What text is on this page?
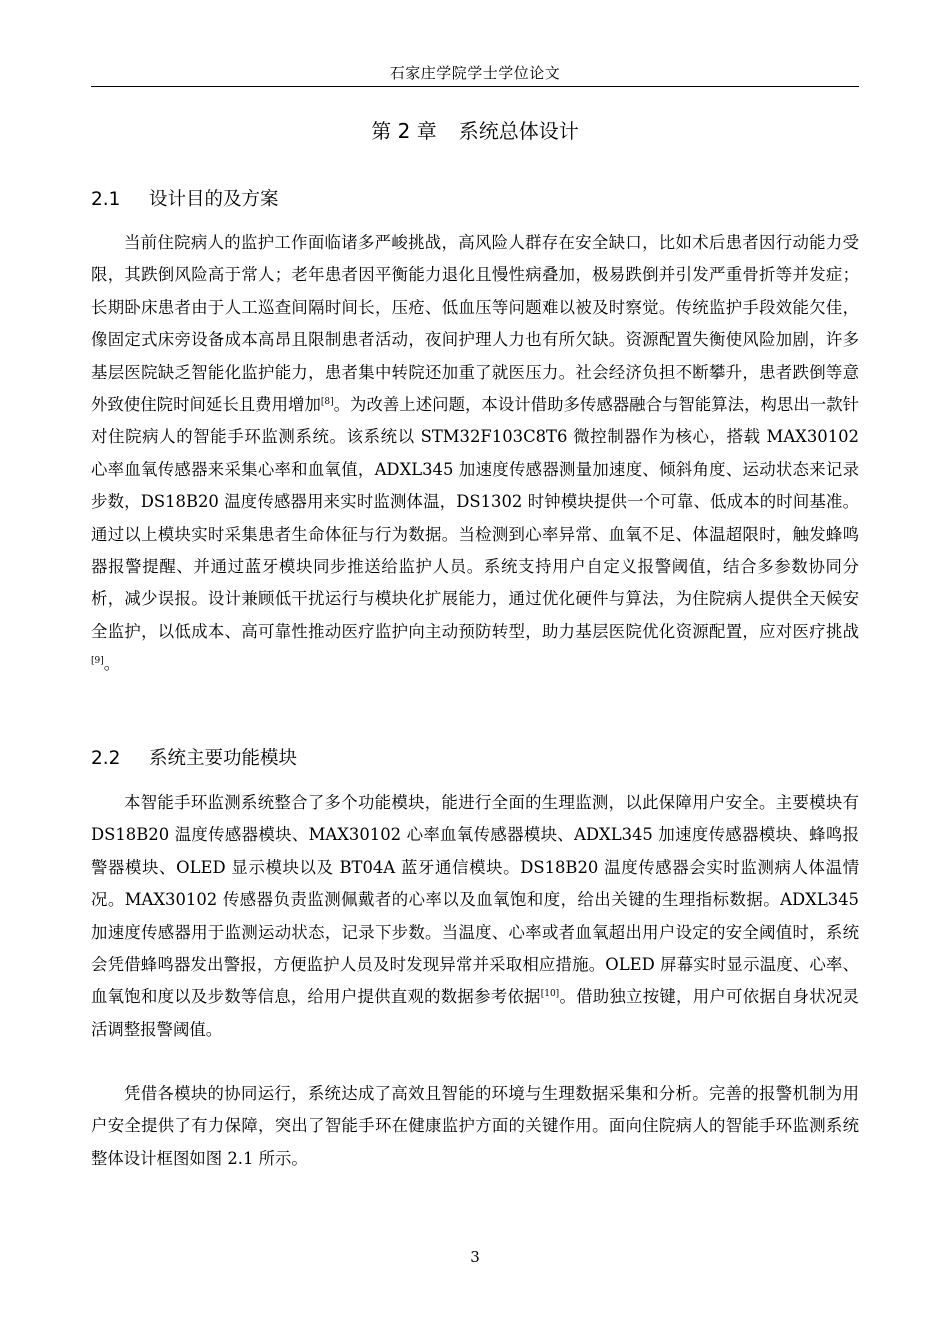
石家庄学院学士学位论文
第 2 章 系统总体设计
2.1 设计目的及方案

当前住院病人的监护工作面临诸多严峻挑战，高风险人群存在安全缺口，比如术后患者因行动能力受限，其跌倒风险高于常人；老年患者因平衡能力退化且慢性病叠加，极易跌倒并引发严重骨折等并发症；长期卧床患者由于人工巡查间隔时间长，压疮、低血压等问题难以被及时察觉。传统监护手段效能欠佳，像固定式床旁设备成本高昂且限制患者活动，夜间护理人力也有所欠缺。资源配置失衡使风险加剧，许多基层医院缺乏智能化监护能力，患者集中转院还加重了就医压力。社会经济负担不断攀升，患者跌倒等意外致使住院时间延长且费用增加[8]。为改善上述问题，本设计借助多传感器融合与智能算法，构思出一款针对住院病人的智能手环监测系统。该系统以 STM32F103C8T6 微控制器作为核心，搭载 MAX30102 心率血氧传感器来采集心率和血氧值，ADXL345 加速度传感器测量加速度、倾斜角度、运动状态来记录步数，DS18B20 温度传感器用来实时监测体温，DS1302 时钟模块提供一个可靠、低成本的时间基准。通过以上模块实时采集患者生命体征与行为数据。当检测到心率异常、血氧不足、体温超限时，触发蜂鸣器报警提醒、并通过蓝牙模块同步推送给监护人员。系统支持用户自定义报警阈值，结合多参数协同分析，减少误报。设计兼顾低干扰运行与模块化扩展能力，通过优化硬件与算法，为住院病人提供全天候安全监护，以低成本、高可靠性推动医疗监护向主动预防转型，助力基层医院优化资源配置，应对医疗挑战[9]。

2.2 系统主要功能模块

本智能手环监测系统整合了多个功能模块，能进行全面的生理监测，以此保障用户安全。主要模块有 DS18B20 温度传感器模块、MAX30102 心率血氧传感器模块、ADXL345 加速度传感器模块、蜂鸣报警器模块、OLED 显示模块以及 BT04A 蓝牙通信模块。DS18B20 温度传感器会实时监测病人体温情况。MAX30102 传感器负责监测佩戴者的心率以及血氧饱和度，给出关键的生理指标数据。ADXL345 加速度传感器用于监测运动状态，记录下步数。当温度、心率或者血氧超出用户设定的安全阈值时，系统会凭借蜂鸣器发出警报，方便监护人员及时发现异常并采取相应措施。OLED 屏幕实时显示温度、心率、血氧饱和度以及步数等信息，给用户提供直观的数据参考依据[10]。借助独立按键，用户可依据自身状况灵活调整报警阈值。

凭借各模块的协同运行，系统达成了高效且智能的环境与生理数据采集和分析。完善的报警机制为用户安全提供了有力保障，突出了智能手环在健康监护方面的关键作用。面向住院病人的智能手环监测系统整体设计框图如图 2.1 所示。

3
